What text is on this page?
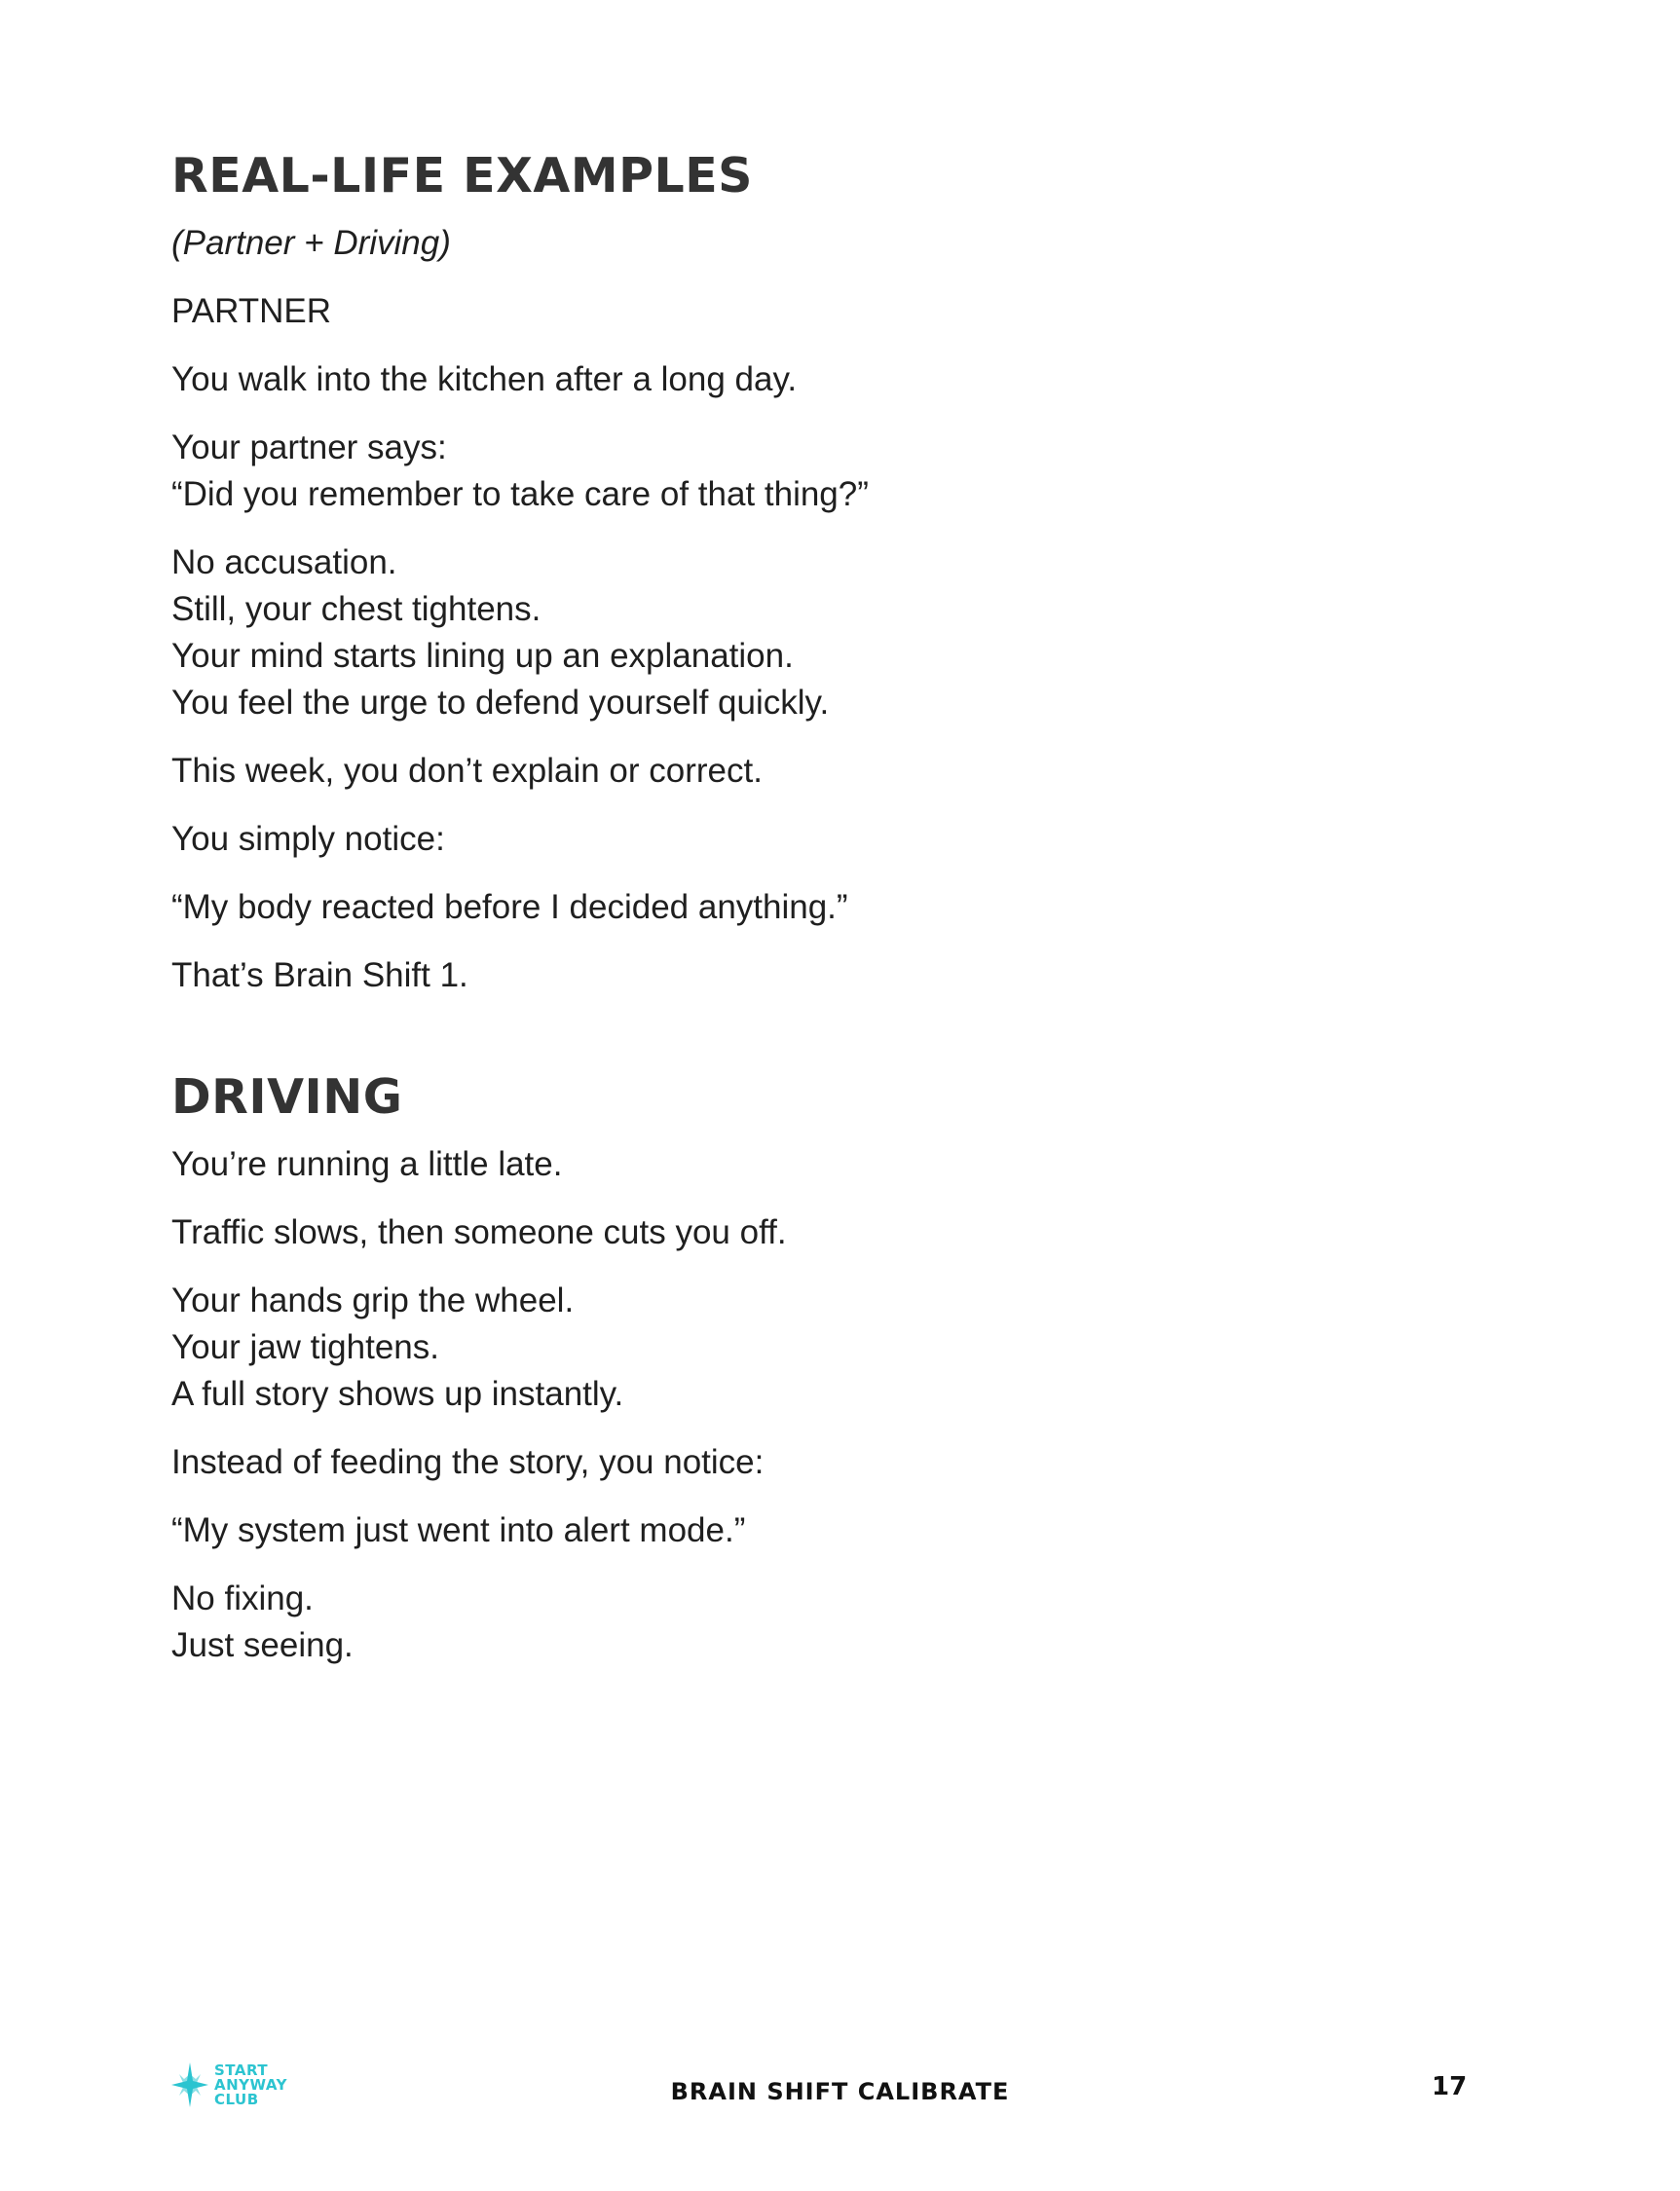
REAL-LIFE EXAMPLES
(Partner + Driving)
PARTNER
You walk into the kitchen after a long day.
Your partner says:
“Did you remember to take care of that thing?”
No accusation.
Still, your chest tightens.
Your mind starts lining up an explanation.
You feel the urge to defend yourself quickly.
This week, you don’t explain or correct.
You simply notice:
“My body reacted before I decided anything.”
That’s Brain Shift 1.
DRIVING
You’re running a little late.
Traffic slows, then someone cuts you off.
Your hands grip the wheel.
Your jaw tightens.
A full story shows up instantly.
Instead of feeding the story, you notice:
“My system just went into alert mode.”
No fixing.
Just seeing.
START
ANYWAY
CLUB	BRAIN SHIFT CALIBRATE	17
